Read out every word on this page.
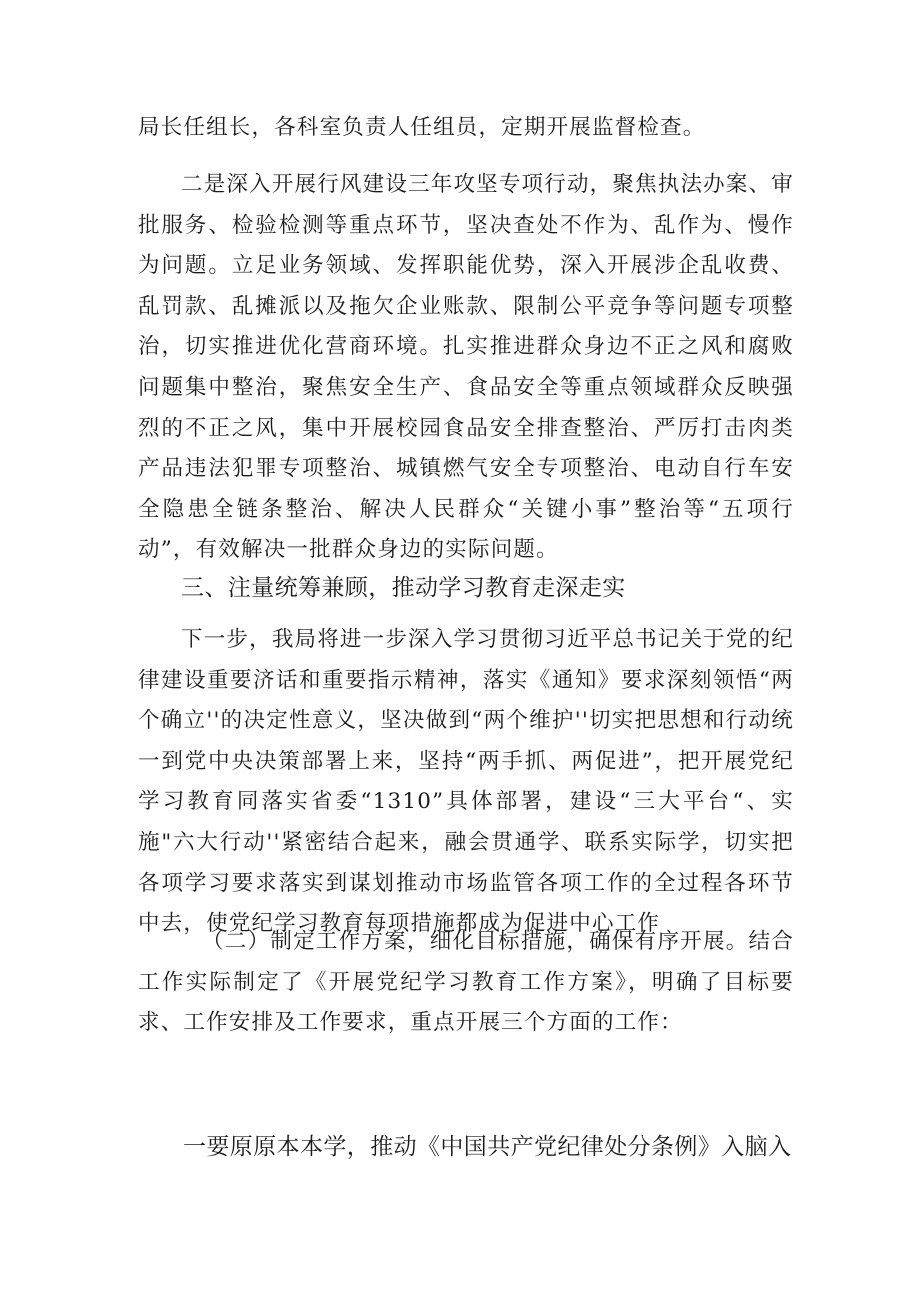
局长任组长，各科室负责人任组员，定期开展监督检查。

二是深入开展行风建设三年攻坚专项行动，聚焦执法办案、审批服务、检验检测等重点环节，坚决查处不作为、乱作为、慢作为问题。立足业务领域、发挥职能优势，深入开展涉企乱收费、乱罚款、乱摊派以及拖欠企业账款、限制公平竞争等问题专项整治，切实推进优化营商环境。扎实推进群众身边不正之风和腐败问题集中整治，聚焦安全生产、食品安全等重点领域群众反映强烈的不正之风，集中开展校园食品安全排查整治、严厉打击肉类产品违法犯罪专项整治、城镇燃气安全专项整治、电动自行车安全隐患全链条整治、解决人民群众“关键小事”整治等“五项行动”，有效解决一批群众身边的实际问题。

三、注量统筹兼顾，推动学习教育走深走实

下一步，我局将进一步深入学习贯彻习近平总书记关于党的纪律建设重要济话和重要指示精神，落实《通知》要求深刻领悟“两个确立''的决定性意义，坚决做到“两个维护''切实把思想和行动统一到党中央决策部署上来，坚持“两手抓、两促进”，把开展党纪学习教育同落实省委“1310”具体部署，建设“三大平台“、实施"六大行动''紧密结合起来，融会贯通学、联系实际学，切实把各项学习要求落实到谋划推动市场监管各项工作的全过程各环节中去，使党纪学习教育每项措施都成为促进中心工作

（二）制定工作方案，细化目标措施，确保有序开展。结合工作实际制定了《开展党纪学习教育工作方案》，明确了目标要求、工作安排及工作要求，重点开展三个方面的工作：

一要原原本本学，推动《中国共产党纪律处分条例》入脑入
